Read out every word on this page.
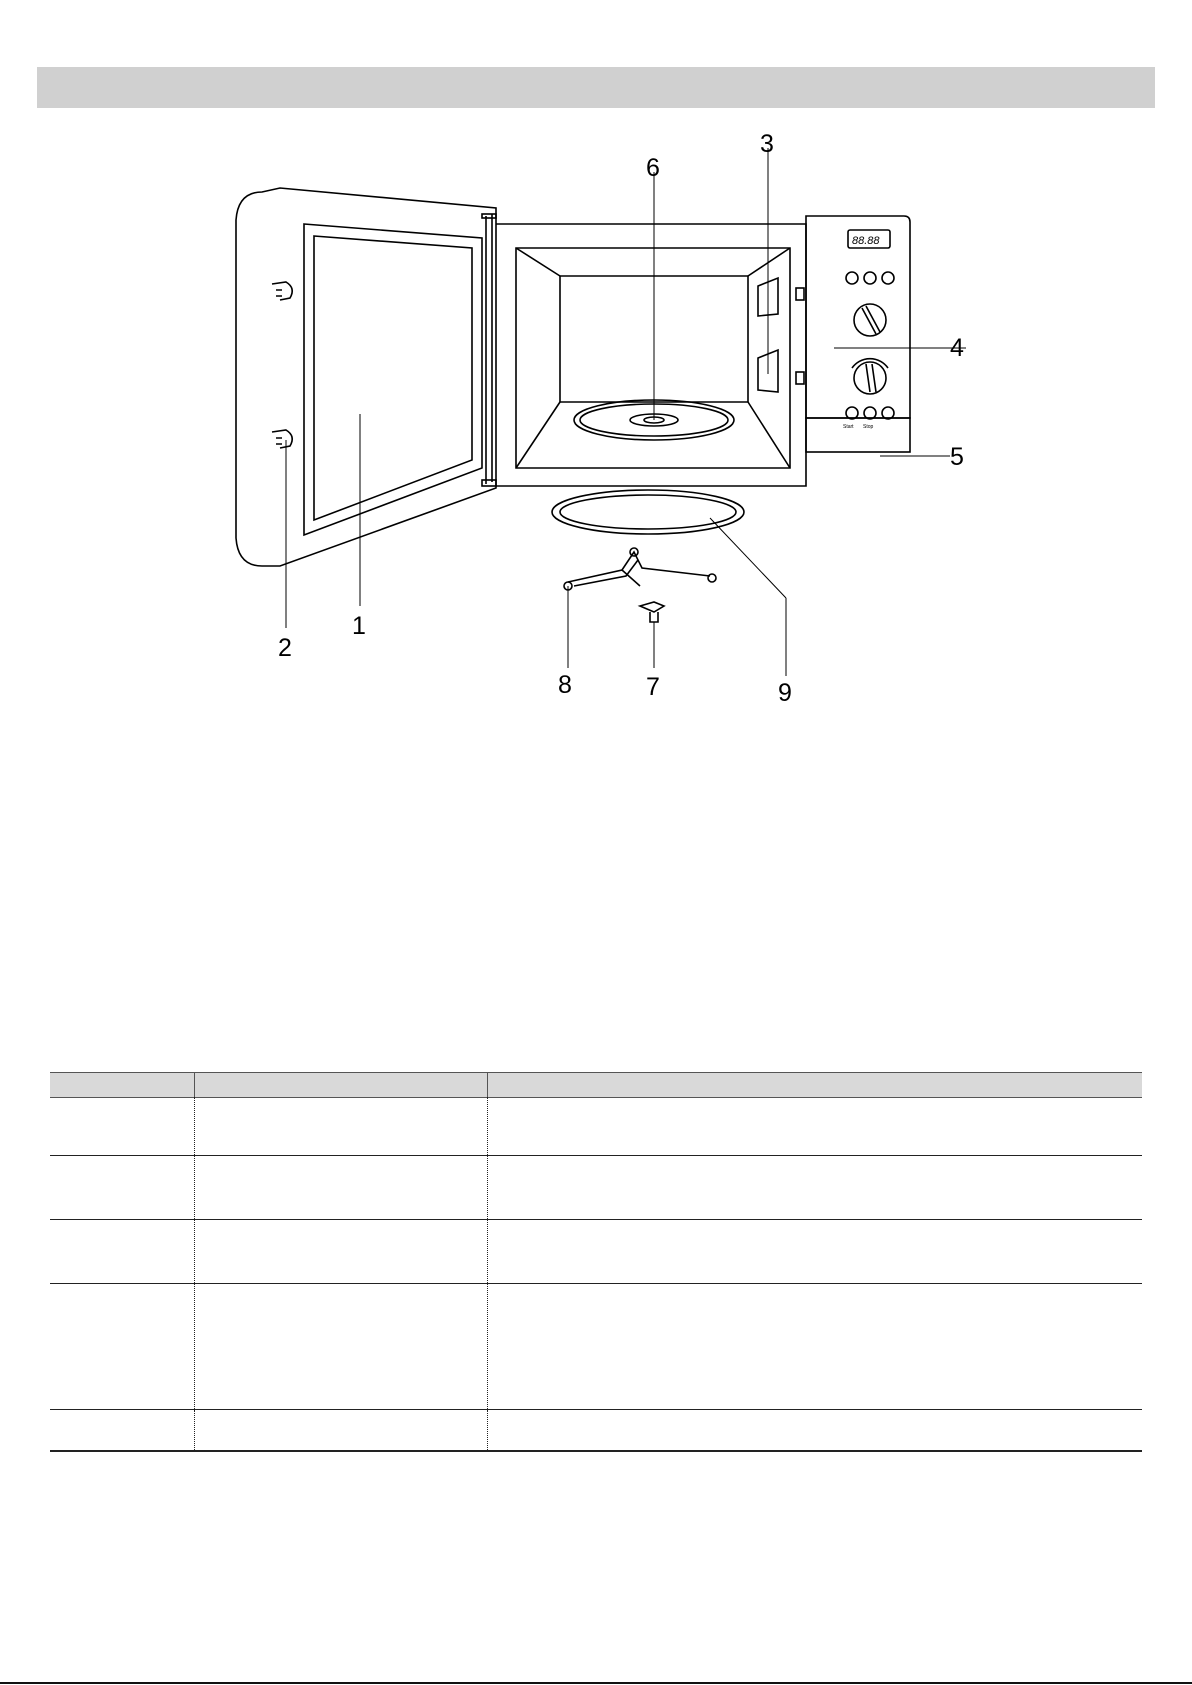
88.88
Start Stop
1
2
3
4
5
6
7
8	9
